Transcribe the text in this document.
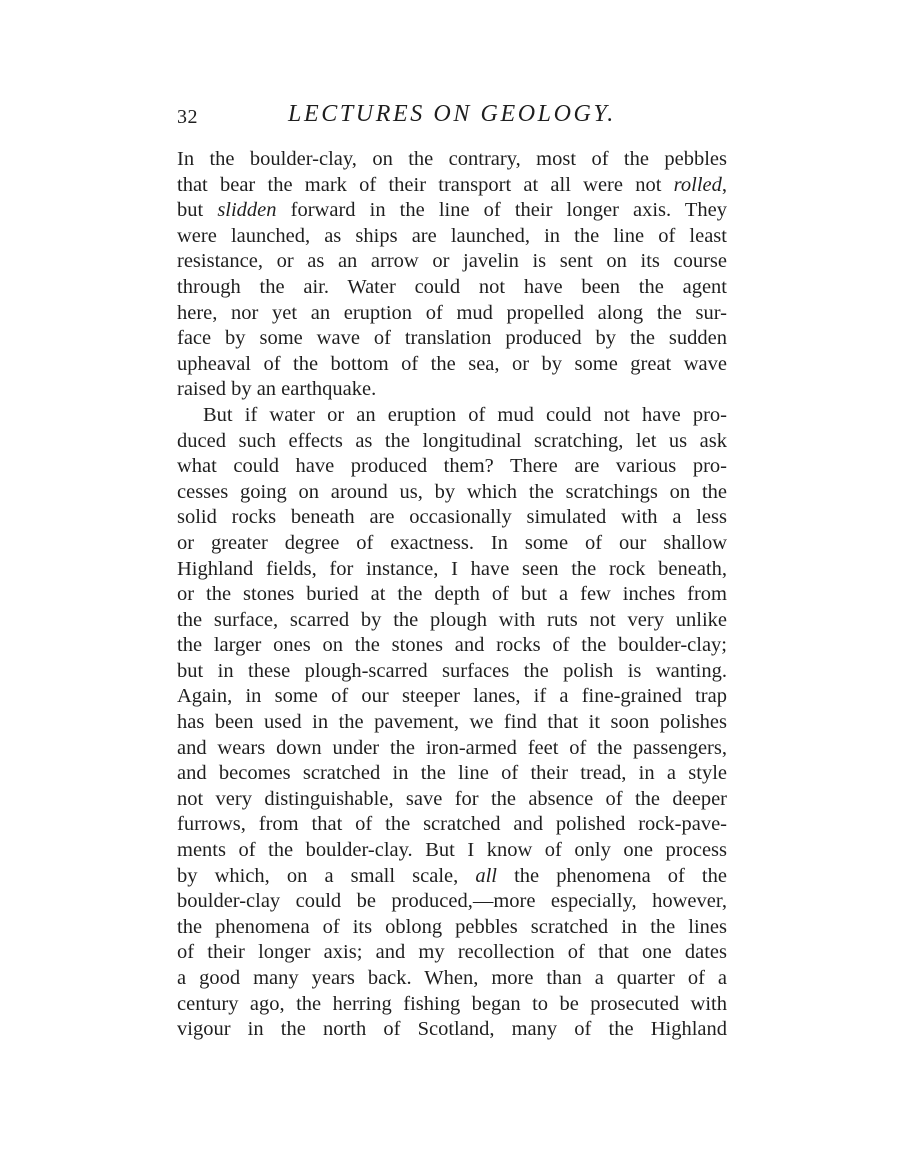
32	LECTURES ON GEOLOGY.
In the boulder-clay, on the contrary, most of the pebbles
that bear the mark of their transport at all were not rolled,
but slidden forward in the line of their longer axis. They
were launched, as ships are launched, in the line of least
resistance, or as an arrow or javelin is sent on its course
through the air. Water could not have been the agent
here, nor yet an eruption of mud propelled along the sur-
face by some wave of translation produced by the sudden
upheaval of the bottom of the sea, or by some great wave
raised by an earthquake.
But if water or an eruption of mud could not have pro-
duced such effects as the longitudinal scratching, let us ask
what could have produced them? There are various pro-
cesses going on around us, by which the scratchings on the
solid rocks beneath are occasionally simulated with a less
or greater degree of exactness. In some of our shallow
Highland fields, for instance, I have seen the rock beneath,
or the stones buried at the depth of but a few inches from
the surface, scarred by the plough with ruts not very unlike
the larger ones on the stones and rocks of the boulder-clay;
but in these plough-scarred surfaces the polish is wanting.
Again, in some of our steeper lanes, if a fine-grained trap
has been used in the pavement, we find that it soon polishes
and wears down under the iron-armed feet of the passengers,
and becomes scratched in the line of their tread, in a style
not very distinguishable, save for the absence of the deeper
furrows, from that of the scratched and polished rock-pave-
ments of the boulder-clay. But I know of only one process
by which, on a small scale, all the phenomena of the
boulder-clay could be produced,—more especially, however,
the phenomena of its oblong pebbles scratched in the lines
of their longer axis; and my recollection of that one dates
a good many years back. When, more than a quarter of a
century ago, the herring fishing began to be prosecuted with
vigour in the north of Scotland, many of the Highland
